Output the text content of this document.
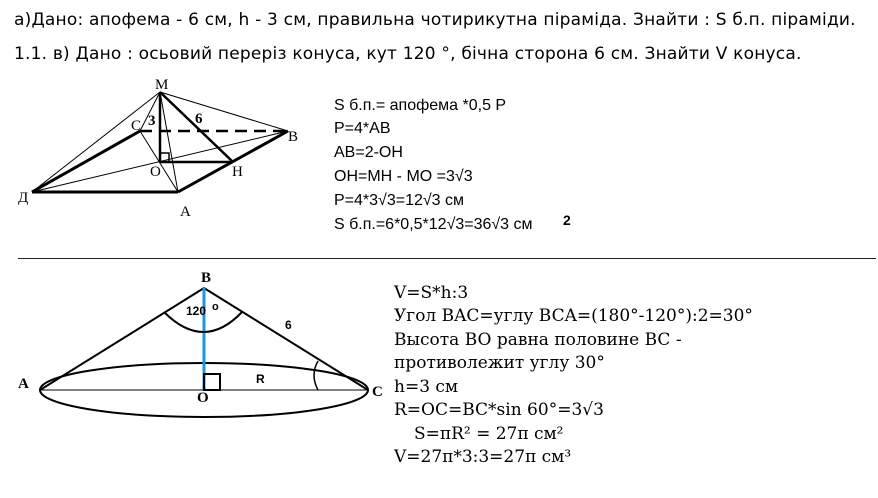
а)Дано: апофема - 6 см, h - 3 см, правильна чотирикутна піраміда. Знайти : S б.п. піраміди.
1.1. в) Дано : осьовий переріз конуса, кут 120 °, бічна сторона 6 см. Знайти V конуса.
M
C 3	6
B
O	H
Д
A
S б.п.= апофема *0,5 P
P=4*AB
AB=2-OH
OH=MH - MO =3√3
P=4*3√3=12√3 см
S б.п.=6*0,5*12√3=36√3 см 2
B
120 o
6
A
O
R
C
V=S*h:3
Угол BAC=углу BCA=(180°-120°):2=30°
Высота BO равна половине BC -
противолежит углу 30°
h=3 см
R=OC=BC*sin 60°=3√3
S=πR² = 27π см²
V=27π*3:3=27π см³
